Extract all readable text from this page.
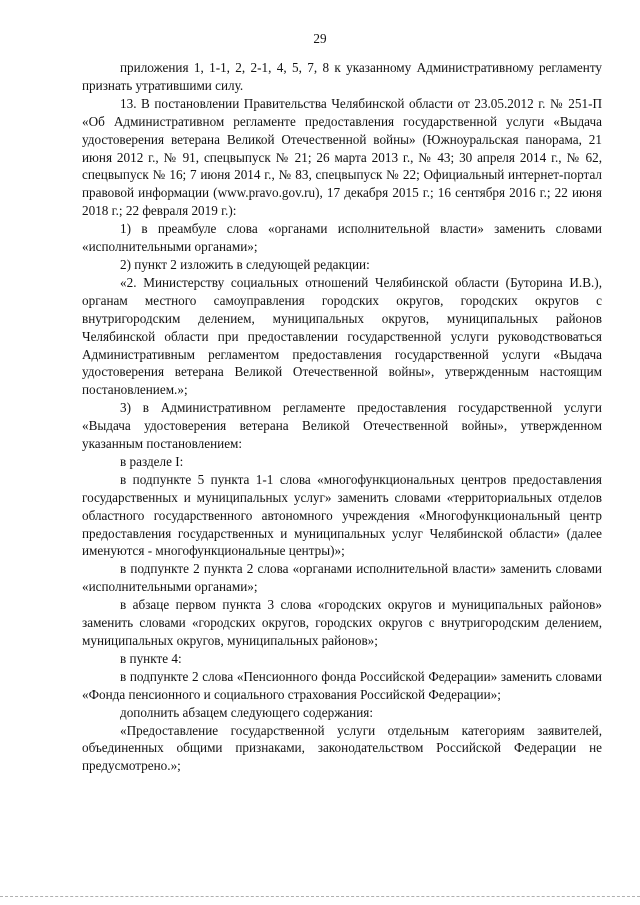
29

приложения 1, 1-1, 2, 2-1, 4, 5, 7, 8 к указанному Административному регламенту признать утратившими силу.

13. В постановлении Правительства Челябинской области от 23.05.2012 г. № 251-П «Об Административном регламенте предоставления государственной услуги «Выдача удостоверения ветерана Великой Отечественной войны» (Южноуральская панорама, 21 июня 2012 г., № 91, спецвыпуск № 21; 26 марта 2013 г., № 43; 30 апреля 2014 г., № 62, спецвыпуск № 16; 7 июня 2014 г., № 83, спецвыпуск № 22; Официальный интернет-портал правовой информации (www.pravo.gov.ru), 17 декабря 2015 г.; 16 сентября 2016 г.; 22 июня 2018 г.; 22 февраля 2019 г.):

1) в преамбуле слова «органами исполнительной власти» заменить словами «исполнительными органами»;

2) пункт 2 изложить в следующей редакции:

«2. Министерству социальных отношений Челябинской области (Буторина И.В.), органам местного самоуправления городских округов, городских округов с внутригородским делением, муниципальных округов, муниципальных районов Челябинской области при предоставлении государственной услуги руководствоваться Административным регламентом предоставления государственной услуги «Выдача удостоверения ветерана Великой Отечественной войны», утвержденным настоящим постановлением.»;

3) в Административном регламенте предоставления государственной услуги «Выдача удостоверения ветерана Великой Отечественной войны», утвержденном указанным постановлением:

в разделе I:

в подпункте 5 пункта 1-1 слова «многофункциональных центров предоставления государственных и муниципальных услуг» заменить словами «территориальных отделов областного государственного автономного учреждения «Многофункциональный центр предоставления государственных и муниципальных услуг Челябинской области» (далее именуются - многофункциональные центры)»;

в подпункте 2 пункта 2 слова «органами исполнительной власти» заменить словами «исполнительными органами»;

в абзаце первом пункта 3 слова «городских округов и муниципальных районов» заменить словами «городских округов, городских округов с внутригородским делением, муниципальных округов, муниципальных районов»;

в пункте 4:

в подпункте 2 слова «Пенсионного фонда Российской Федерации» заменить словами «Фонда пенсионного и социального страхования Российской Федерации»;

дополнить абзацем следующего содержания:

«Предоставление государственной услуги отдельным категориям заявителей, объединенных общими признаками, законодательством Российской Федерации не предусмотрено.»;
